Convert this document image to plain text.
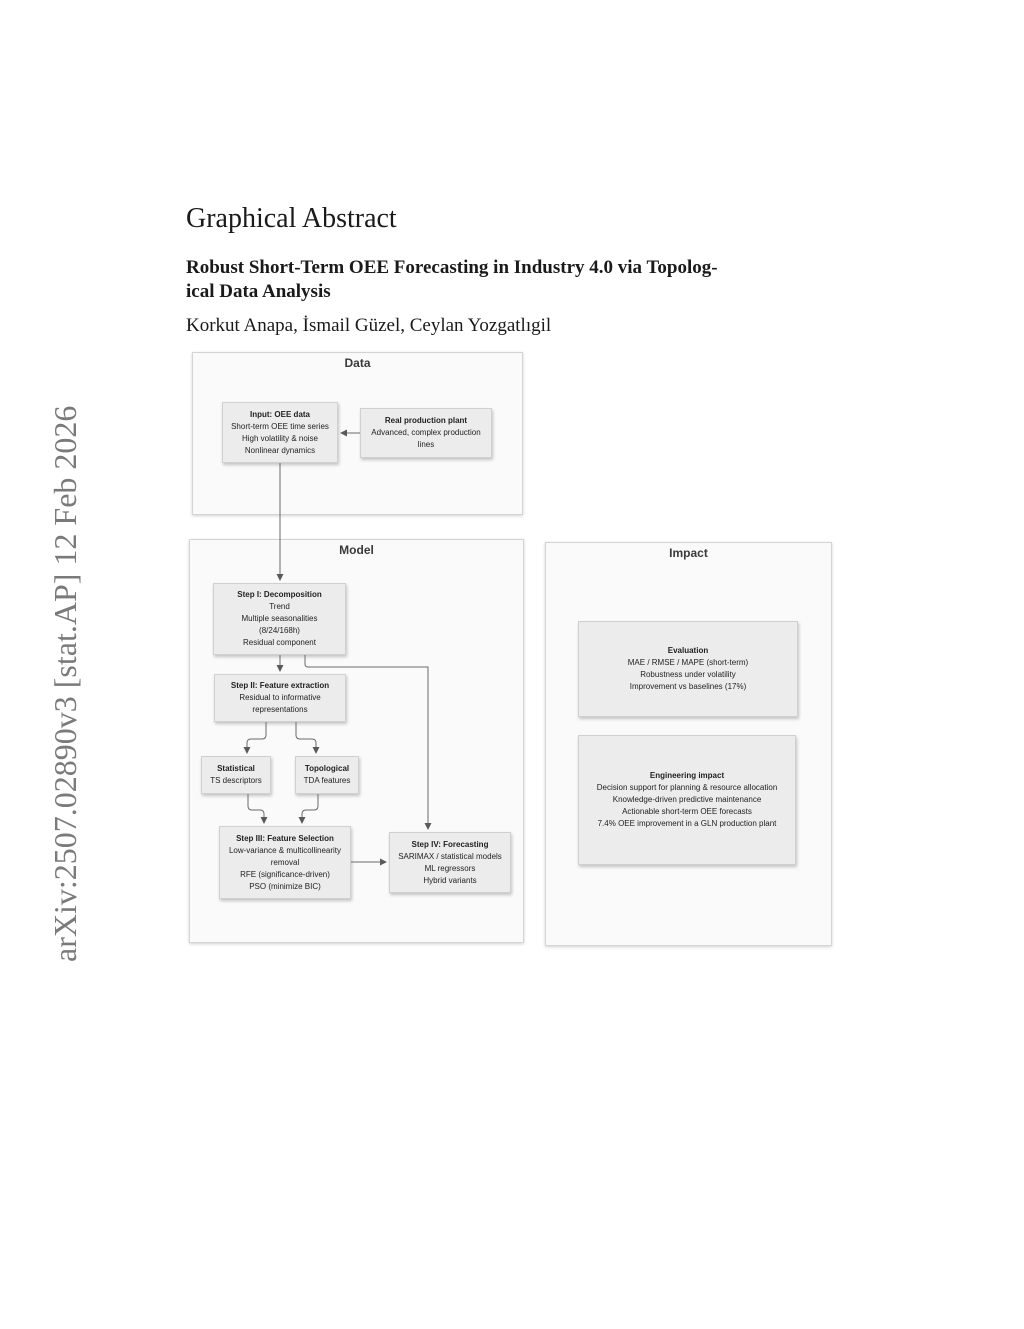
arXiv:2507.02890v3 [stat.AP] 12 Feb 2026
Graphical Abstract
Robust Short-Term OEE Forecasting in Industry 4.0 via Topolog-
ical Data Analysis
Korkut Anapa, İsmail Güzel, Ceylan Yozgatlıgil
Data
Model	Impact
Input: OEE data
Short-term OEE time series
High volatility & noise
Nonlinear dynamics
Real production plant
Advanced, complex production
lines
Step I: Decomposition
Trend
Multiple seasonalities
(8/24/168h)
Residual component
Step II: Feature extraction
Residual to informative
representations
Statistical
TS descriptors
Topological
TDA features
Step III: Feature Selection
Low-variance & multicollinearity
removal
RFE (significance-driven)
PSO (minimize BIC)
Step IV: Forecasting
SARIMAX / statistical models
ML regressors
Hybrid variants
Evaluation
MAE / RMSE / MAPE (short-term)
Robustness under volatility
Improvement vs baselines (17%)
Engineering impact
Decision support for planning & resource allocation
Knowledge-driven predictive maintenance
Actionable short-term OEE forecasts
7.4% OEE improvement in a GLN production plant
